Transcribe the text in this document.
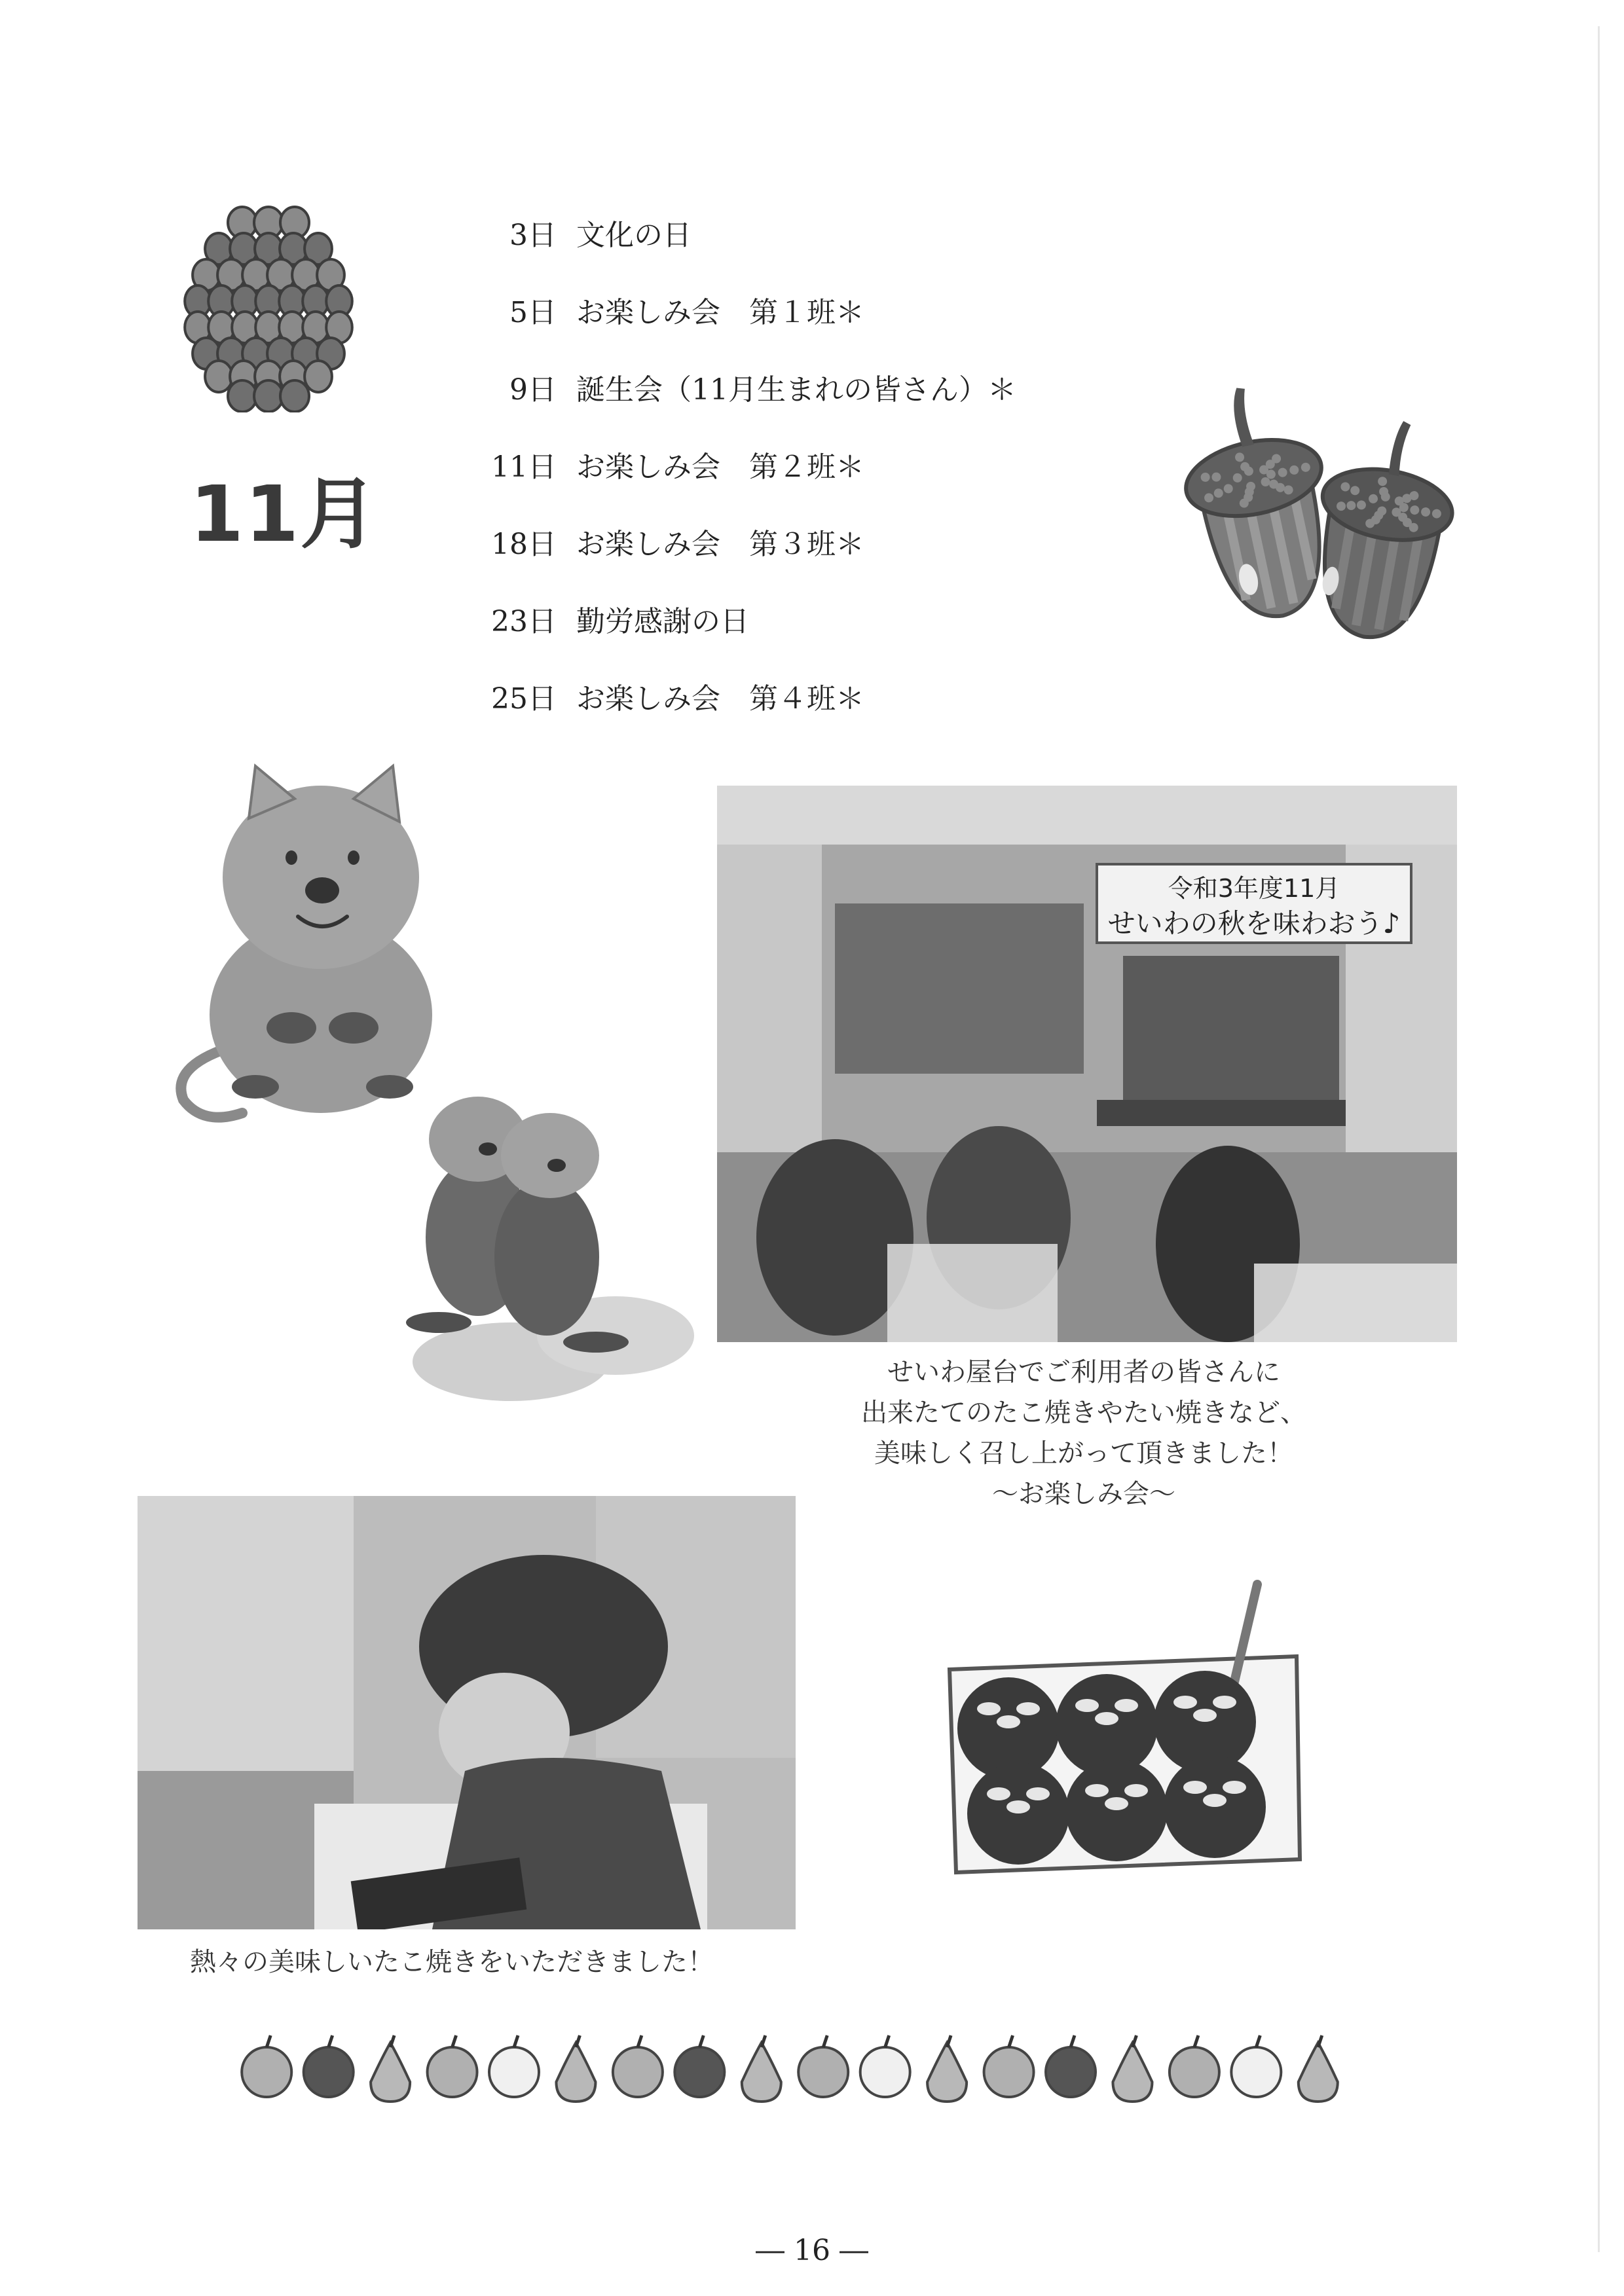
11月
3日 文化の日
5日 お楽しみ会　第１班＊
9日 誕生会（11月生まれの皆さん）＊
11日 お楽しみ会　第２班＊
18日 お楽しみ会　第３班＊
23日 勤労感謝の日
25日 お楽しみ会　第４班＊
令和3年度11月
せいわの秋を味わおう♪
せいわ屋台でご利用者の皆さんに
出来たてのたこ焼きやたい焼きなど、
美味しく召し上がって頂きました！
〜お楽しみ会〜
熱々の美味しいたこ焼きをいただきました！
― 16 ―
